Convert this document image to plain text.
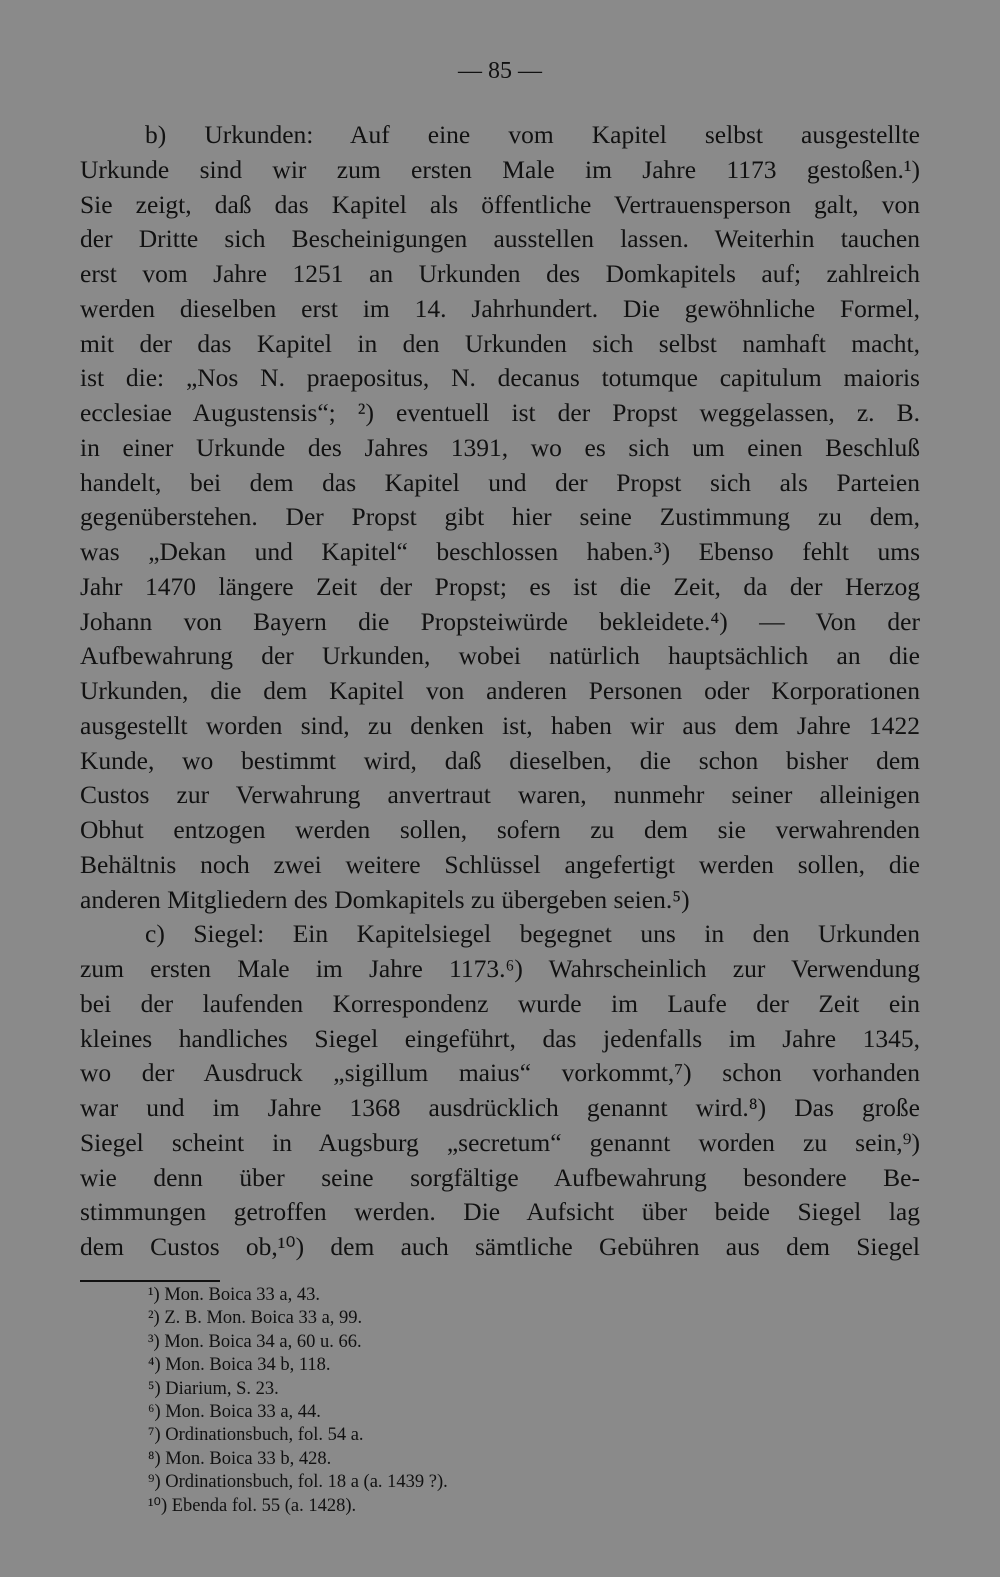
— 85 —
b) Urkunden: Auf eine vom Kapitel selbst ausgestellte
Urkunde sind wir zum ersten Male im Jahre 1173 gestoßen.¹)
Sie zeigt, daß das Kapitel als öffentliche Vertrauensperson galt, von
der Dritte sich Bescheinigungen ausstellen lassen. Weiterhin tauchen
erst vom Jahre 1251 an Urkunden des Domkapitels auf; zahlreich
werden dieselben erst im 14. Jahrhundert. Die gewöhnliche Formel,
mit der das Kapitel in den Urkunden sich selbst namhaft macht,
ist die: „Nos N. praepositus, N. decanus totumque capitulum maioris
ecclesiae Augustensis“; ²) eventuell ist der Propst weggelassen, z. B.
in einer Urkunde des Jahres 1391, wo es sich um einen Beschluß
handelt, bei dem das Kapitel und der Propst sich als Parteien
gegenüberstehen. Der Propst gibt hier seine Zustimmung zu dem,
was „Dekan und Kapitel“ beschlossen haben.³) Ebenso fehlt ums
Jahr 1470 längere Zeit der Propst; es ist die Zeit, da der Herzog
Johann von Bayern die Propsteiwürde bekleidete.⁴) — Von der
Aufbewahrung der Urkunden, wobei natürlich hauptsächlich an die
Urkunden, die dem Kapitel von anderen Personen oder Korporationen
ausgestellt worden sind, zu denken ist, haben wir aus dem Jahre 1422
Kunde, wo bestimmt wird, daß dieselben, die schon bisher dem
Custos zur Verwahrung anvertraut waren, nunmehr seiner alleinigen
Obhut entzogen werden sollen, sofern zu dem sie verwahrenden
Behältnis noch zwei weitere Schlüssel angefertigt werden sollen, die
anderen Mitgliedern des Domkapitels zu übergeben seien.⁵)
c) Siegel: Ein Kapitelsiegel begegnet uns in den Urkunden
zum ersten Male im Jahre 1173.⁶) Wahrscheinlich zur Verwendung
bei der laufenden Korrespondenz wurde im Laufe der Zeit ein
kleines handliches Siegel eingeführt, das jedenfalls im Jahre 1345,
wo der Ausdruck „sigillum maius“ vorkommt,⁷) schon vorhanden
war und im Jahre 1368 ausdrücklich genannt wird.⁸) Das große
Siegel scheint in Augsburg „secretum“ genannt worden zu sein,⁹)
wie denn über seine sorgfältige Aufbewahrung besondere Be-
stimmungen getroffen werden. Die Aufsicht über beide Siegel lag
dem Custos ob,¹⁰) dem auch sämtliche Gebühren aus dem Siegel
¹) Mon. Boica 33 a, 43.
²) Z. B. Mon. Boica 33 a, 99.
³) Mon. Boica 34 a, 60 u. 66.
⁴) Mon. Boica 34 b, 118.
⁵) Diarium, S. 23.
⁶) Mon. Boica 33 a, 44.
⁷) Ordinationsbuch, fol. 54 a.
⁸) Mon. Boica 33 b, 428.
⁹) Ordinationsbuch, fol. 18 a (a. 1439 ?).
¹⁰) Ebenda fol. 55 (a. 1428).
